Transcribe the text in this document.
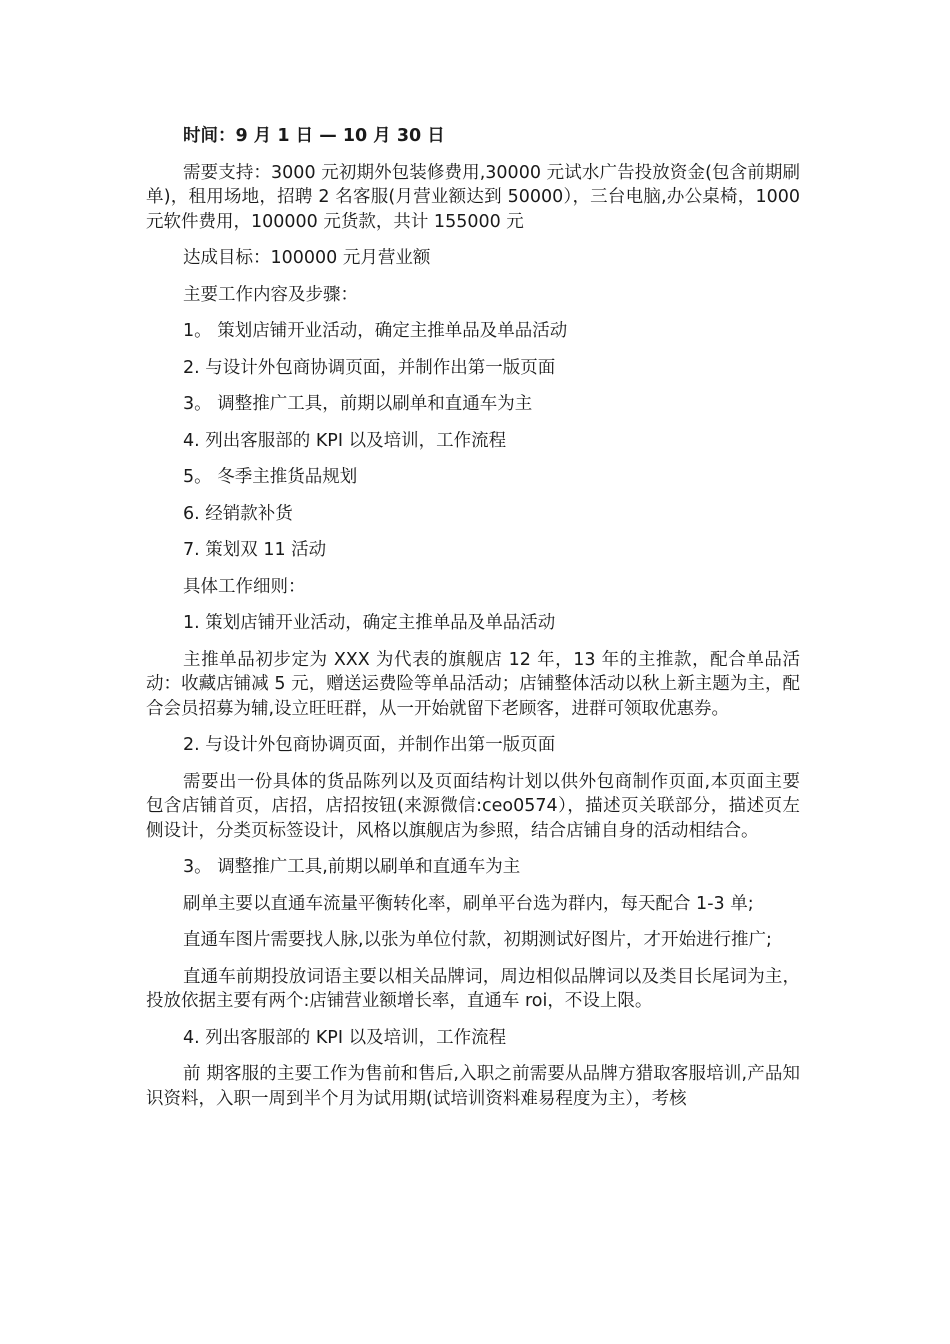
时间：9 月 1 日 — 10 月 30 日

需要支持：3000 元初期外包装修费用,30000 元试水广告投放资金(包含前期刷单)，租用场地，招聘 2 名客服(月营业额达到 50000），三台电脑,办公桌椅，1000 元软件费用，100000 元货款，共计 155000 元

达成目标：100000 元月营业额

主要工作内容及步骤：

1。 策划店铺开业活动，确定主推单品及单品活动

2. 与设计外包商协调页面，并制作出第一版页面

3。 调整推广工具，前期以刷单和直通车为主

4. 列出客服部的 KPI 以及培训，工作流程

5。 冬季主推货品规划

6. 经销款补货

7. 策划双 11 活动

具体工作细则：

1. 策划店铺开业活动，确定主推单品及单品活动

主推单品初步定为 XXX 为代表的旗舰店 12 年，13 年的主推款，配合单品活动：收藏店铺减 5 元，赠送运费险等单品活动；店铺整体活动以秋上新主题为主，配合会员招募为辅,设立旺旺群，从一开始就留下老顾客，进群可领取优惠券。

2. 与设计外包商协调页面，并制作出第一版页面

需要出一份具体的货品陈列以及页面结构计划以供外包商制作页面,本页面主要包含店铺首页，店招，店招按钮(来源微信:ceo0574），描述页关联部分，描述页左侧设计，分类页标签设计，风格以旗舰店为参照，结合店铺自身的活动相结合。

3。 调整推广工具,前期以刷单和直通车为主

刷单主要以直通车流量平衡转化率，刷单平台选为群内，每天配合 1-3 单;

直通车图片需要找人脉,以张为单位付款，初期测试好图片，才开始进行推广;

直通车前期投放词语主要以相关品牌词，周边相似品牌词以及类目长尾词为主，投放依据主要有两个:店铺营业额增长率，直通车 roi，不设上限。

4. 列出客服部的 KPI 以及培训，工作流程

前 期客服的主要工作为售前和售后,入职之前需要从品牌方猎取客服培训,产品知识资料，入职一周到半个月为试用期(试培训资料难易程度为主），考核
